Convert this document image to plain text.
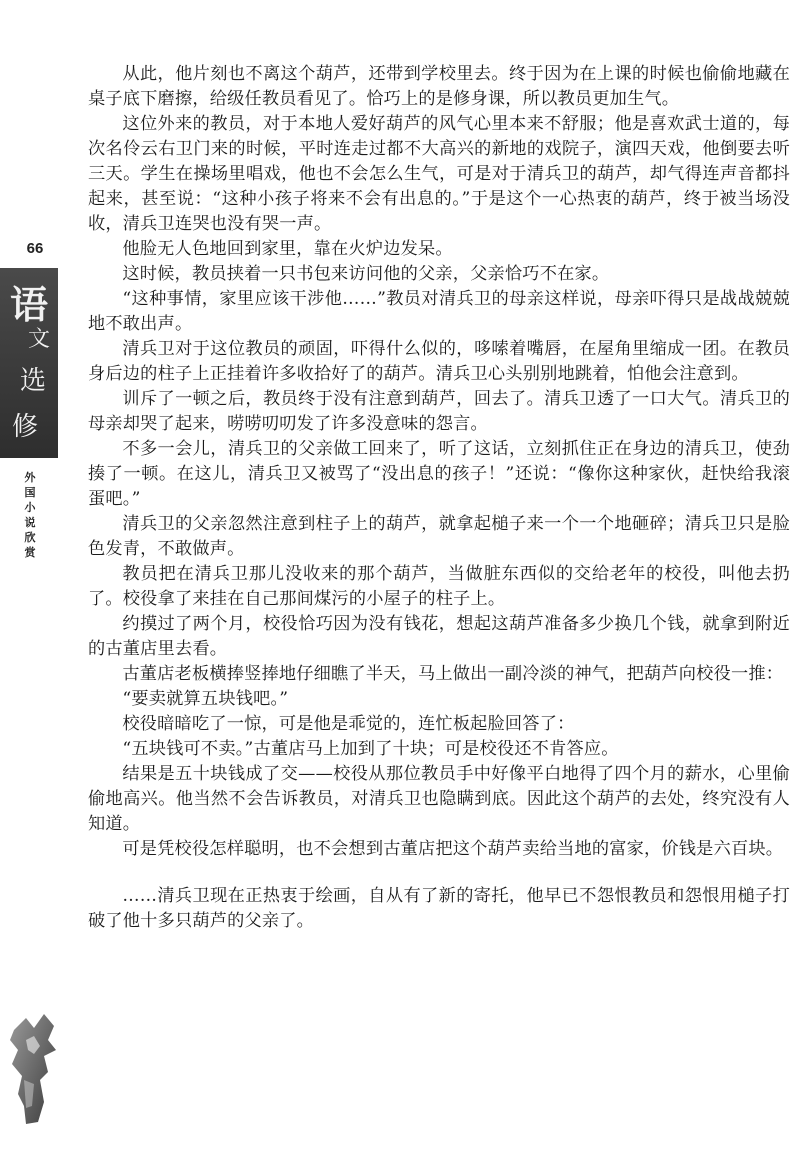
66
语
文
选
修
外国小说欣赏

从此，他片刻也不离这个葫芦，还带到学校里去。终于因为在上课的时候也偷偷地藏在桌子底下磨擦，给级任教员看见了。恰巧上的是修身课，所以教员更加生气。

这位外来的教员，对于本地人爱好葫芦的风气心里本来不舒服；他是喜欢武士道的，每次名伶云右卫门来的时候，平时连走过都不大高兴的新地的戏院子，演四天戏，他倒要去听三天。学生在操场里唱戏，他也不会怎么生气，可是对于清兵卫的葫芦，却气得连声音都抖起来，甚至说：“这种小孩子将来不会有出息的。”于是这个一心热衷的葫芦，终于被当场没收，清兵卫连哭也没有哭一声。

他脸无人色地回到家里，靠在火炉边发呆。

这时候，教员挟着一只书包来访问他的父亲，父亲恰巧不在家。

“这种事情，家里应该干涉他……”教员对清兵卫的母亲这样说，母亲吓得只是战战兢兢地不敢出声。

清兵卫对于这位教员的顽固，吓得什么似的，哆嗦着嘴唇，在屋角里缩成一团。在教员身后边的柱子上正挂着许多收拾好了的葫芦。清兵卫心头别别地跳着，怕他会注意到。

训斥了一顿之后，教员终于没有注意到葫芦，回去了。清兵卫透了一口大气。清兵卫的母亲却哭了起来，唠唠叨叨发了许多没意味的怨言。

不多一会儿，清兵卫的父亲做工回来了，听了这话，立刻抓住正在身边的清兵卫，使劲揍了一顿。在这儿，清兵卫又被骂了“没出息的孩子！”还说：“像你这种家伙，赶快给我滚蛋吧。”

清兵卫的父亲忽然注意到柱子上的葫芦，就拿起槌子来一个一个地砸碎；清兵卫只是脸色发青，不敢做声。

教员把在清兵卫那儿没收来的那个葫芦，当做脏东西似的交给老年的校役，叫他去扔了。校役拿了来挂在自己那间煤污的小屋子的柱子上。

约摸过了两个月，校役恰巧因为没有钱花，想起这葫芦准备多少换几个钱，就拿到附近的古董店里去看。

古董店老板横捧竖捧地仔细瞧了半天，马上做出一副冷淡的神气，把葫芦向校役一推：

“要卖就算五块钱吧。”

校役暗暗吃了一惊，可是他是乖觉的，连忙板起脸回答了：

“五块钱可不卖。”古董店马上加到了十块；可是校役还不肯答应。

结果是五十块钱成了交——校役从那位教员手中好像平白地得了四个月的薪水，心里偷偷地高兴。他当然不会告诉教员，对清兵卫也隐瞒到底。因此这个葫芦的去处，终究没有人知道。

可是凭校役怎样聪明，也不会想到古董店把这个葫芦卖给当地的富家，价钱是六百块。

……清兵卫现在正热衷于绘画，自从有了新的寄托，他早已不怨恨教员和怨恨用槌子打破了他十多只葫芦的父亲了。
